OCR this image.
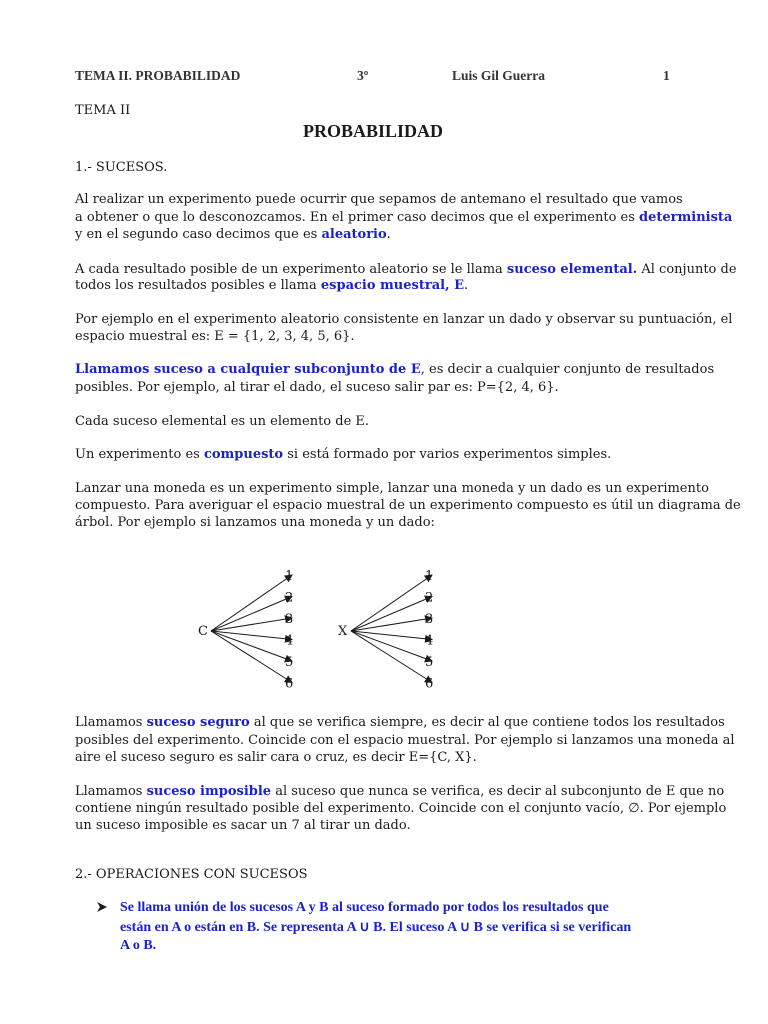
TEMA II. PROBABILIDAD	3º	Luis Gil Guerra	1
TEMA II
PROBABILIDAD
1.- SUCESOS.
Al realizar un experimento puede ocurrir que sepamos de antemano el resultado que vamos
a obtener o que lo desconozcamos. En el primer caso decimos que el experimento es determinista
y en el segundo caso decimos que es aleatorio.
A cada resultado posible de un experimento aleatorio se le llama suceso elemental. Al conjunto de
todos los resultados posibles e llama espacio muestral, E.
Por ejemplo en el experimento aleatorio consistente en lanzar un dado y observar su puntuación, el
espacio muestral es: E = {1, 2, 3, 4, 5, 6}.
Llamamos suceso a cualquier subconjunto de E, es decir a cualquier conjunto de resultados
posibles. Por ejemplo, al tirar el dado, el suceso salir par es: P={2, 4, 6}.
Cada suceso elemental es un elemento de E.
Un experimento es compuesto si está formado por varios experimentos simples.
Lanzar una moneda es un experimento simple, lanzar una moneda y un dado es un experimento
compuesto. Para averiguar el espacio muestral de un experimento compuesto es útil un diagrama de
árbol. Por ejemplo si lanzamos una moneda y un dado:
C
1
2
3
4
5
6
X
1
2
3
4
5
6
Llamamos suceso seguro al que se verifica siempre, es decir al que contiene todos los resultados
posibles del experimento. Coincide con el espacio muestral. Por ejemplo si lanzamos una moneda al
aire el suceso seguro es salir cara o cruz, es decir E={C, X}.
Llamamos suceso imposible al suceso que nunca se verifica, es decir al subconjunto de E que no
contiene ningún resultado posible del experimento. Coincide con el conjunto vacío, ∅. Por ejemplo
un suceso imposible es sacar un 7 al tirar un dado.
2.- OPERACIONES CON SUCESOS
Se llama unión de los sucesos A y B al suceso formado por todos los resultados que
están en A o están en B. Se representa A ∪ B. El suceso A ∪ B se verifica si se verifican
A o B.
